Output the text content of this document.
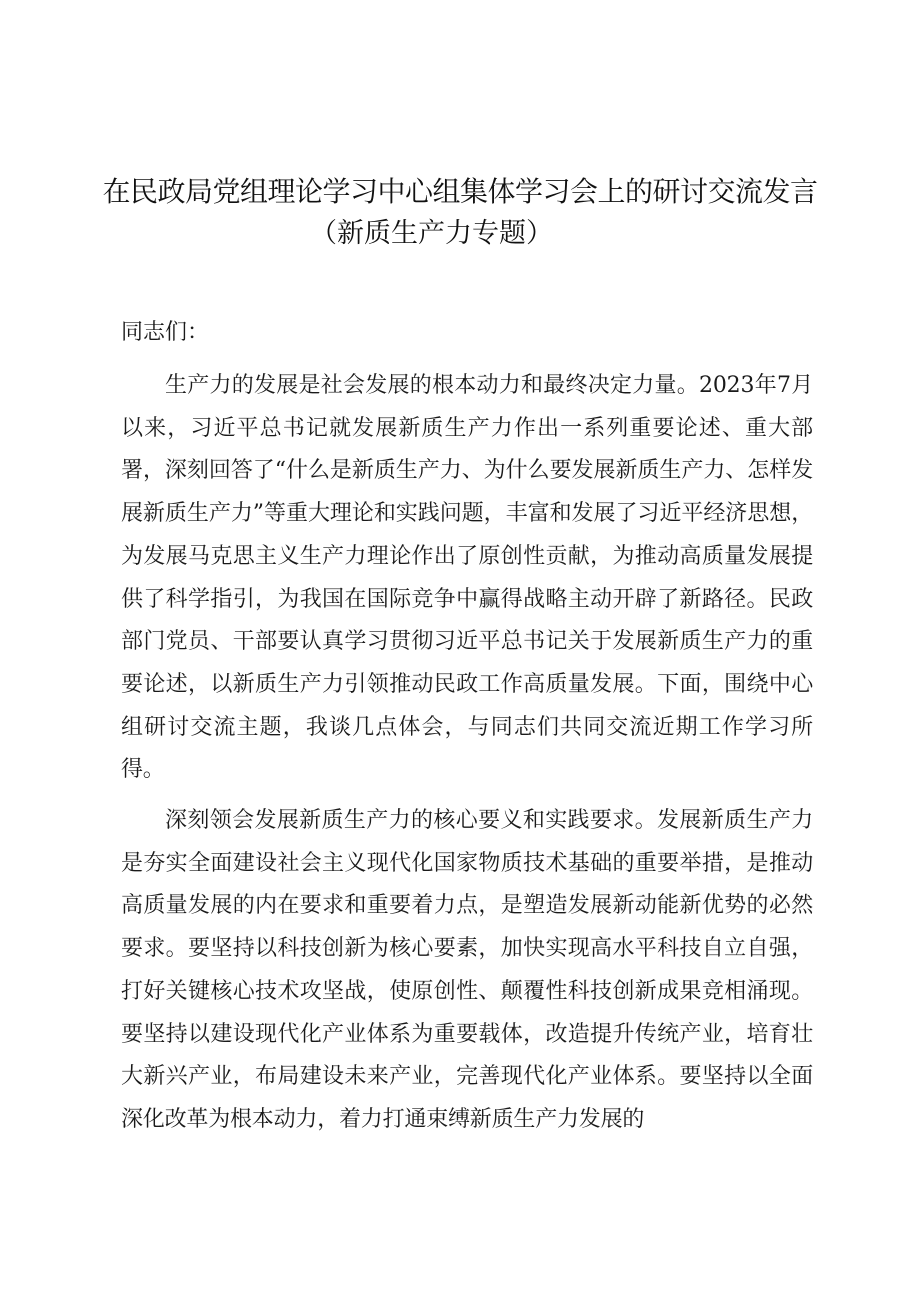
在民政局党组理论学习中心组集体学习会上的研讨交流发言
（新质生产力专题）

同志们：

生产力的发展是社会发展的根本动力和最终决定力量。2023年7月以来，习近平总书记就发展新质生产力作出一系列重要论述、重大部署，深刻回答了“什么是新质生产力、为什么要发展新质生产力、怎样发展新质生产力”等重大理论和实践问题，丰富和发展了习近平经济思想，为发展马克思主义生产力理论作出了原创性贡献，为推动高质量发展提供了科学指引，为我国在国际竞争中赢得战略主动开辟了新路径。民政部门党员、干部要认真学习贯彻习近平总书记关于发展新质生产力的重要论述，以新质生产力引领推动民政工作高质量发展。下面，围绕中心组研讨交流主题，我谈几点体会，与同志们共同交流近期工作学习所得。

深刻领会发展新质生产力的核心要义和实践要求。发展新质生产力是夯实全面建设社会主义现代化国家物质技术基础的重要举措，是推动高质量发展的内在要求和重要着力点，是塑造发展新动能新优势的必然要求。要坚持以科技创新为核心要素，加快实现高水平科技自立自强，打好关键核心技术攻坚战，使原创性、颠覆性科技创新成果竞相涌现。要坚持以建设现代化产业体系为重要载体，改造提升传统产业，培育壮大新兴产业，布局建设未来产业，完善现代化产业体系。要坚持以全面深化改革为根本动力，着力打通束缚新质生产力发展的
